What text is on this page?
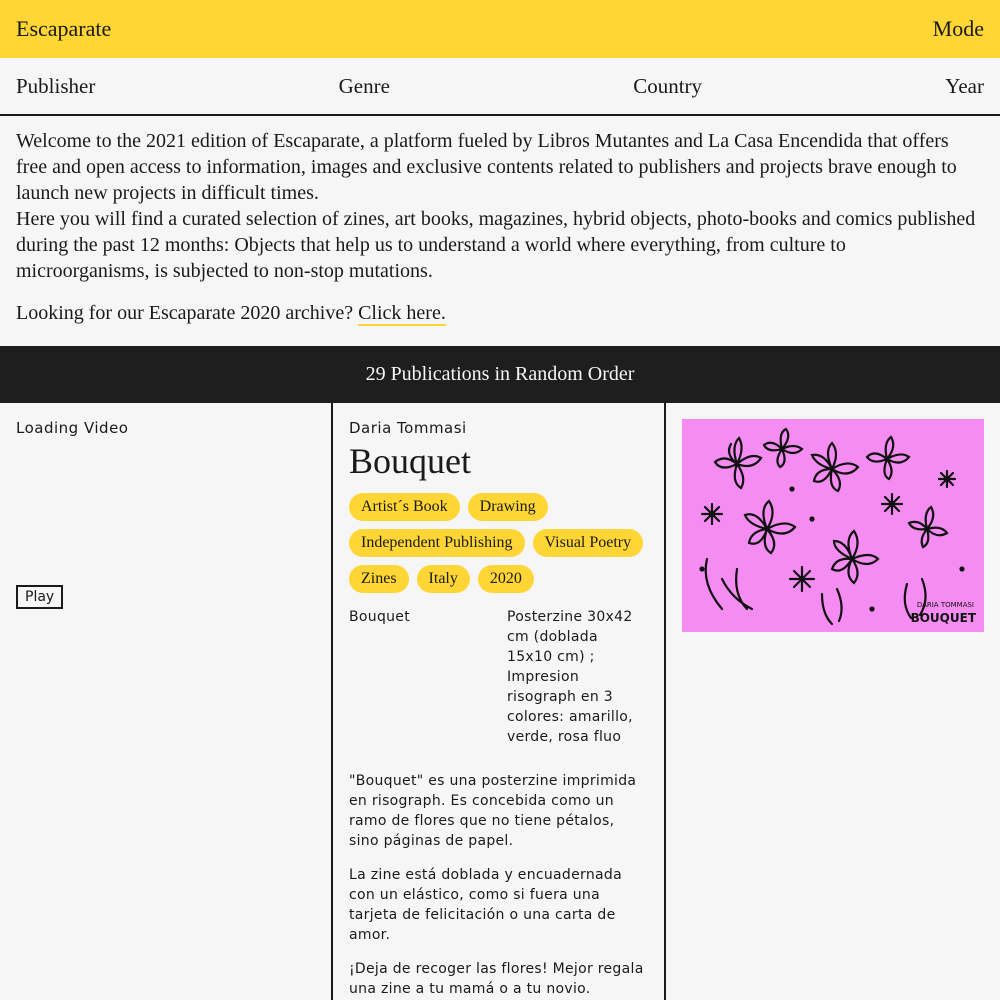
Escaparate	Mode
Publisher	Genre	Country	Year

Welcome to the 2021 edition of Escaparate, a platform fueled by Libros Mutantes and La Casa Encendida that offers free and open access to information, images and exclusive contents related to publishers and projects brave enough to launch new projects in difficult times.

Here you will find a curated selection of zines, art books, magazines, hybrid objects, photo-books and comics published during the past 12 months: Objects that help us to understand a world where everything, from culture to microorganisms, is subjected to non-stop mutations.

Looking for our Escaparate 2020 archive? Click here.

29 Publications in Random Order
Loading Video
Play
Daria Tommasi
Bouquet
Artist´s Book	Drawing
Independent Publishing	Visual Poetry
Zines	Italy	2020
Bouquet	Posterzine 30x42 cm (doblada 15x10 cm) ; Impresion risograph en 3 colores: amarillo, verde, rosa fluo

"Bouquet" es una posterzine imprimida en risograph. Es concebida como un ramo de flores que no tiene pétalos, sino páginas de papel.

La zine está doblada y encuadernada con un elástico, como si fuera una tarjeta de felicitación o una carta de amor.

¡Deja de recoger las flores! Mejor regala una zine a tu mamá o a tu novio.

DARIA TOMMASI
BOUQUET
